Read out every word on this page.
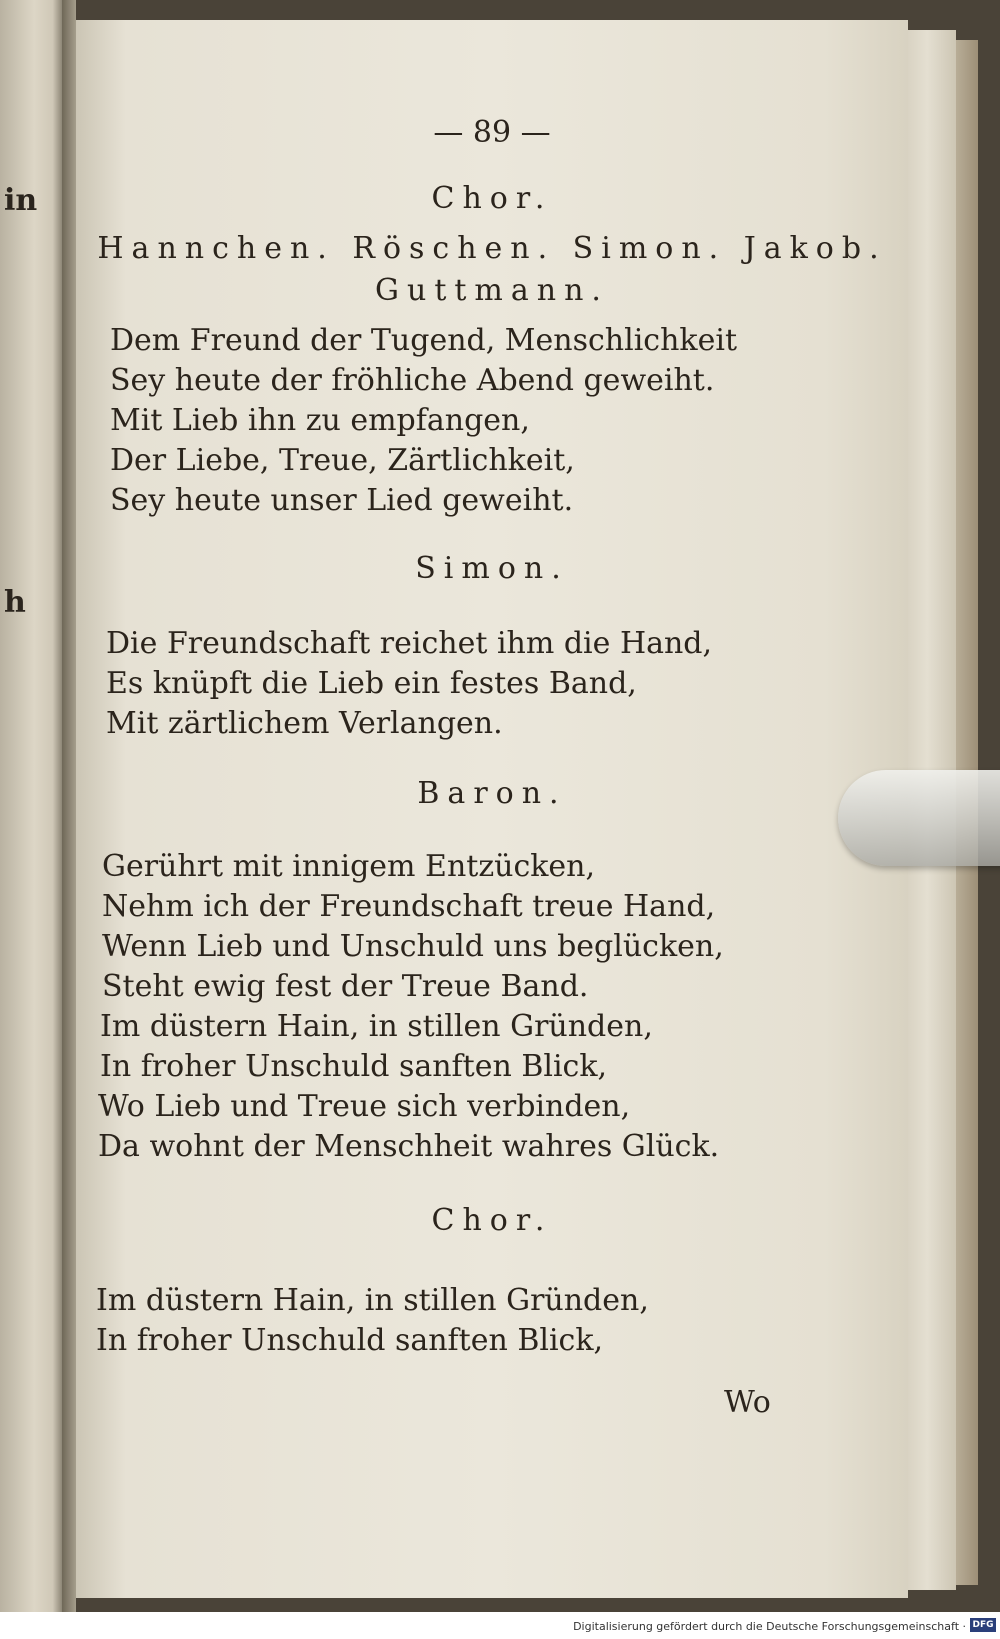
in
h
— 89 —
Chor.
Hannchen. Röschen. Simon. Jakob.
Guttmann.
Dem Freund der Tugend, Menschlichkeit
Sey heute der fröhliche Abend geweiht.
Mit Lieb ihn zu empfangen,
Der Liebe, Treue, Zärtlichkeit,
Sey heute unser Lied geweiht.
Simon.
Die Freundschaft reichet ihm die Hand,
Es knüpft die Lieb ein festes Band,
Mit zärtlichem Verlangen.
Baron.
Gerührt mit innigem Entzücken,
Nehm ich der Freundschaft treue Hand,
Wenn Lieb und Unschuld uns beglücken,
Steht ewig fest der Treue Band.
Im düstern Hain, in stillen Gründen,
In froher Unschuld sanften Blick,
Wo Lieb und Treue sich verbinden,
Da wohnt der Menschheit wahres Glück.
Chor.
Im düstern Hain, in stillen Gründen,
In froher Unschuld sanften Blick,
Wo
Digitalisierung gefördert durch die Deutsche Forschungsgemeinschaft · DFG
